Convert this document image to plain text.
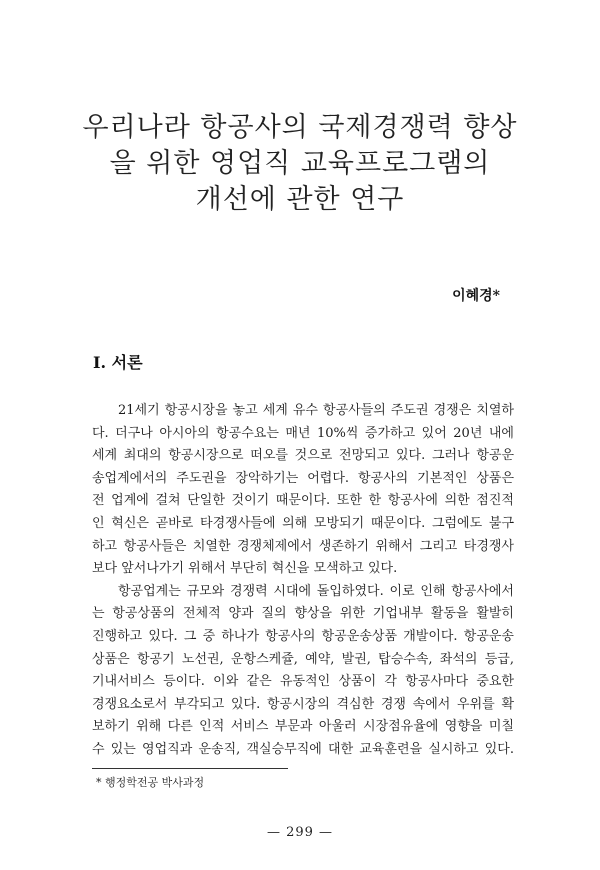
우리나라 항공사의 국제경쟁력 향상
을 위한 영업직 교육프로그램의
개선에 관한 연구
이혜경*
Ⅰ. 서론
21세기 항공시장을 놓고 세계 유수 항공사들의 주도권 경쟁은 치열하
다. 더구나 아시아의 항공수요는 매년 10%씩 증가하고 있어 20년 내에
세계 최대의 항공시장으로 떠오를 것으로 전망되고 있다. 그러나 항공운
송업계에서의 주도권을 장악하기는 어렵다. 항공사의 기본적인 상품은
전 업계에 걸쳐 단일한 것이기 때문이다. 또한 한 항공사에 의한 점진적
인 혁신은 곧바로 타경쟁사들에 의해 모방되기 때문이다. 그럼에도 불구
하고 항공사들은 치열한 경쟁체제에서 생존하기 위해서 그리고 타경쟁사
보다 앞서나가기 위해서 부단히 혁신을 모색하고 있다.
항공업계는 규모와 경쟁력 시대에 돌입하였다. 이로 인해 항공사에서
는 항공상품의 전체적 양과 질의 향상을 위한 기업내부 활동을 활발히
진행하고 있다. 그 중 하나가 항공사의 항공운송상품 개발이다. 항공운송
상품은 항공기 노선권, 운항스케쥴, 예약, 발권, 탑승수속, 좌석의 등급,
기내서비스 등이다. 이와 같은 유동적인 상품이 각 항공사마다 중요한
경쟁요소로서 부각되고 있다. 항공시장의 격심한 경쟁 속에서 우위를 확
보하기 위해 다른 인적 서비스 부문과 아울러 시장점유율에 영향을 미칠
수 있는 영업직과 운송직, 객실승무직에 대한 교육훈련을 실시하고 있다.
* 행정학전공 박사과정
— 299 —
